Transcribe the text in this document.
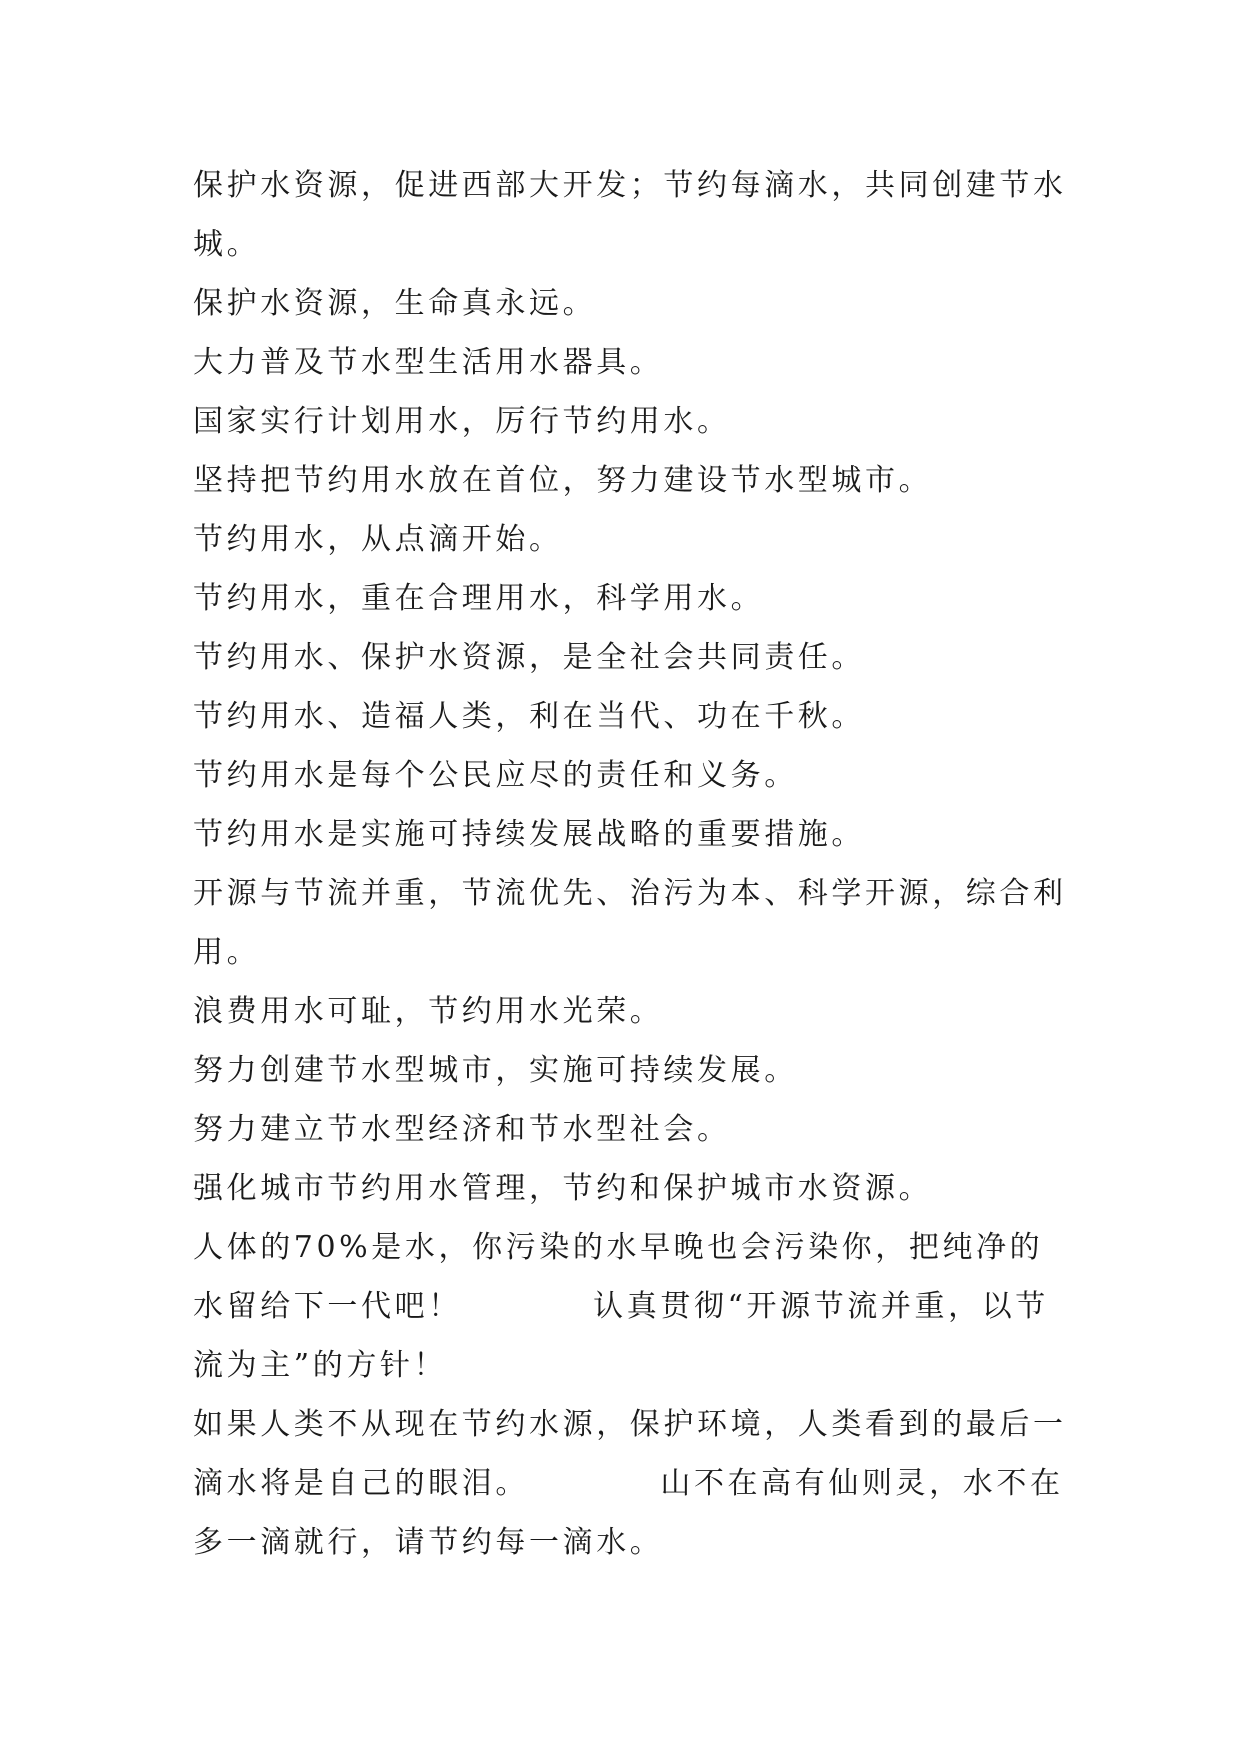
保护水资源，促进西部大开发；节约每滴水，共同创建节水城。

保护水资源，生命真永远。

大力普及节水型生活用水器具。

国家实行计划用水，厉行节约用水。

坚持把节约用水放在首位，努力建设节水型城市。

节约用水，从点滴开始。

节约用水，重在合理用水，科学用水。

节约用水、保护水资源，是全社会共同责任。

节约用水、造福人类，利在当代、功在千秋。

节约用水是每个公民应尽的责任和义务。

节约用水是实施可持续发展战略的重要措施。

开源与节流并重，节流优先、治污为本、科学开源，综合利用。

浪费用水可耻，节约用水光荣。

努力创建节水型城市，实施可持续发展。

努力建立节水型经济和节水型社会。

强化城市节约用水管理，节约和保护城市水资源。

人体的70%是水，你污染的水早晚也会污染你，把纯净的水留给下一代吧！          认真贯彻“开源节流并重，以节流为主”的方针！

如果人类不从现在节约水源，保护环境，人类看到的最后一滴水将是自己的眼泪。          山不在高有仙则灵，水不在多一滴就行，请节约每一滴水。
